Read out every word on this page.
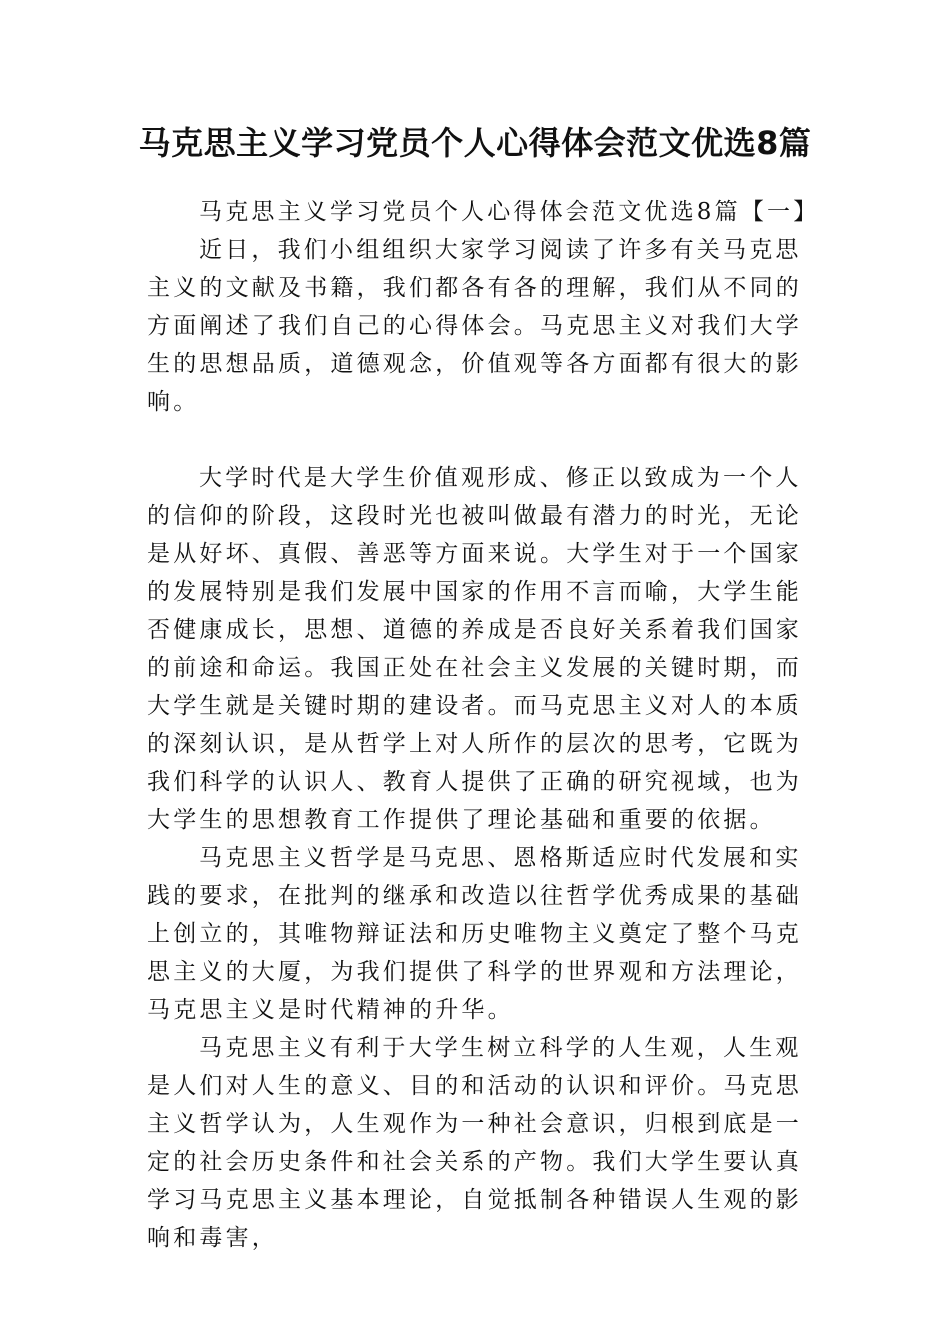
马克思主义学习党员个人心得体会范文优选8篇

马克思主义学习党员个人心得体会范文优选8篇【一】

近日，我们小组组织大家学习阅读了许多有关马克思主义的文献及书籍，我们都各有各的理解，我们从不同的方面阐述了我们自己的心得体会。马克思主义对我们大学生的思想品质，道德观念，价值观等各方面都有很大的影响。

大学时代是大学生价值观形成、修正以致成为一个人的信仰的阶段，这段时光也被叫做最有潜力的时光，无论是从好坏、真假、善恶等方面来说。大学生对于一个国家的发展特别是我们发展中国家的作用不言而喻，大学生能否健康成长，思想、道德的养成是否良好关系着我们国家的前途和命运。我国正处在社会主义发展的关键时期，而大学生就是关键时期的建设者。而马克思主义对人的本质的深刻认识，是从哲学上对人所作的层次的思考，它既为我们科学的认识人、教育人提供了正确的研究视域，也为大学生的思想教育工作提供了理论基础和重要的依据。

马克思主义哲学是马克思、恩格斯适应时代发展和实践的要求，在批判的继承和改造以往哲学优秀成果的基础上创立的，其唯物辩证法和历史唯物主义奠定了整个马克思主义的大厦，为我们提供了科学的世界观和方法理论，马克思主义是时代精神的升华。

马克思主义有利于大学生树立科学的人生观，人生观是人们对人生的意义、目的和活动的认识和评价。马克思主义哲学认为，人生观作为一种社会意识，归根到底是一定的社会历史条件和社会关系的产物。我们大学生要认真学习马克思主义基本理论，自觉抵制各种错误人生观的影响和毒害，
